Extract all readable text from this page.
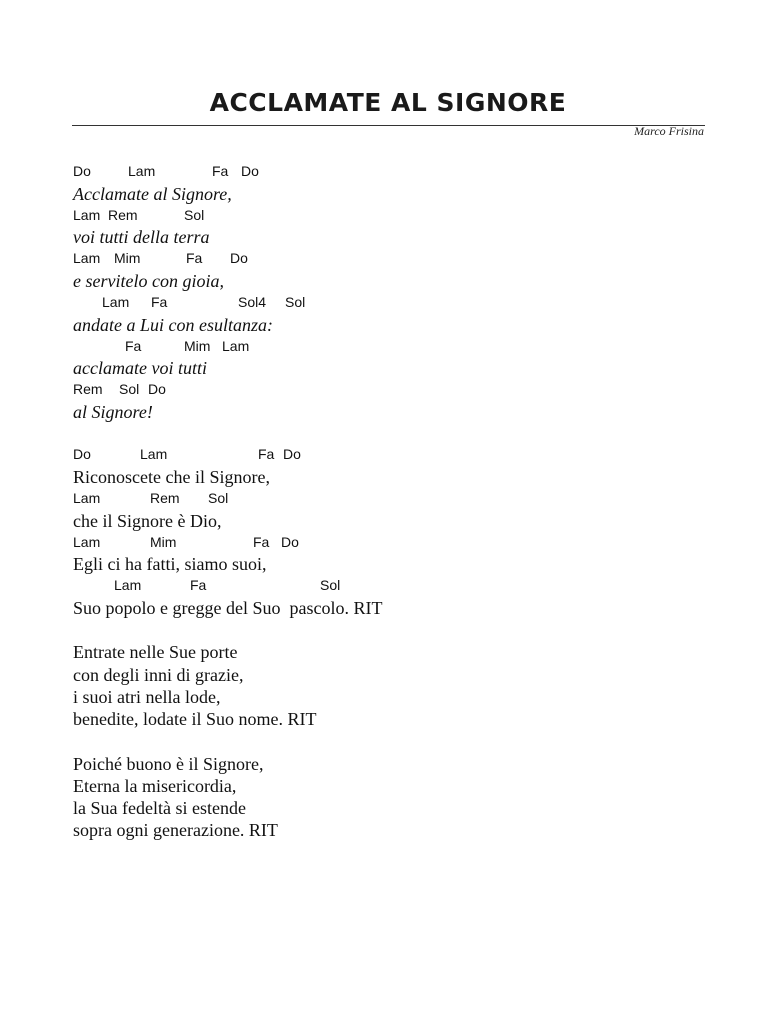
ACCLAMATE AL SIGNORE
Marco Frisina

Do

	Lam

	Fa

Do

Acclamate al Signore,

Lam

Rem

	Sol

voi tutti della terra

Lam

Mim

	Fa

Do

e servitelo con gioia,

Lam

Fa

	Sol4

Sol

andate a Lui con esultanza:

Fa

	Mim

Lam

acclamate voi tutti

Rem

Sol

Do

al Signore!

Do

	Lam

	Fa

Do

Riconoscete che il Signore,

Lam

	Rem

Sol

che il Signore è Dio,

Lam

	Mim

	Fa

Do

Egli ci ha fatti, siamo suoi,

Lam

	Fa

	Sol

Suo popolo e gregge del Suo  pascolo. RIT
Entrate nelle Sue porte
con degli inni di grazie,
i suoi atri nella lode,
benedite, lodate il Suo nome. RIT
Poiché buono è il Signore,
Eterna la misericordia,
la Sua fedeltà si estende
sopra ogni generazione. RIT
